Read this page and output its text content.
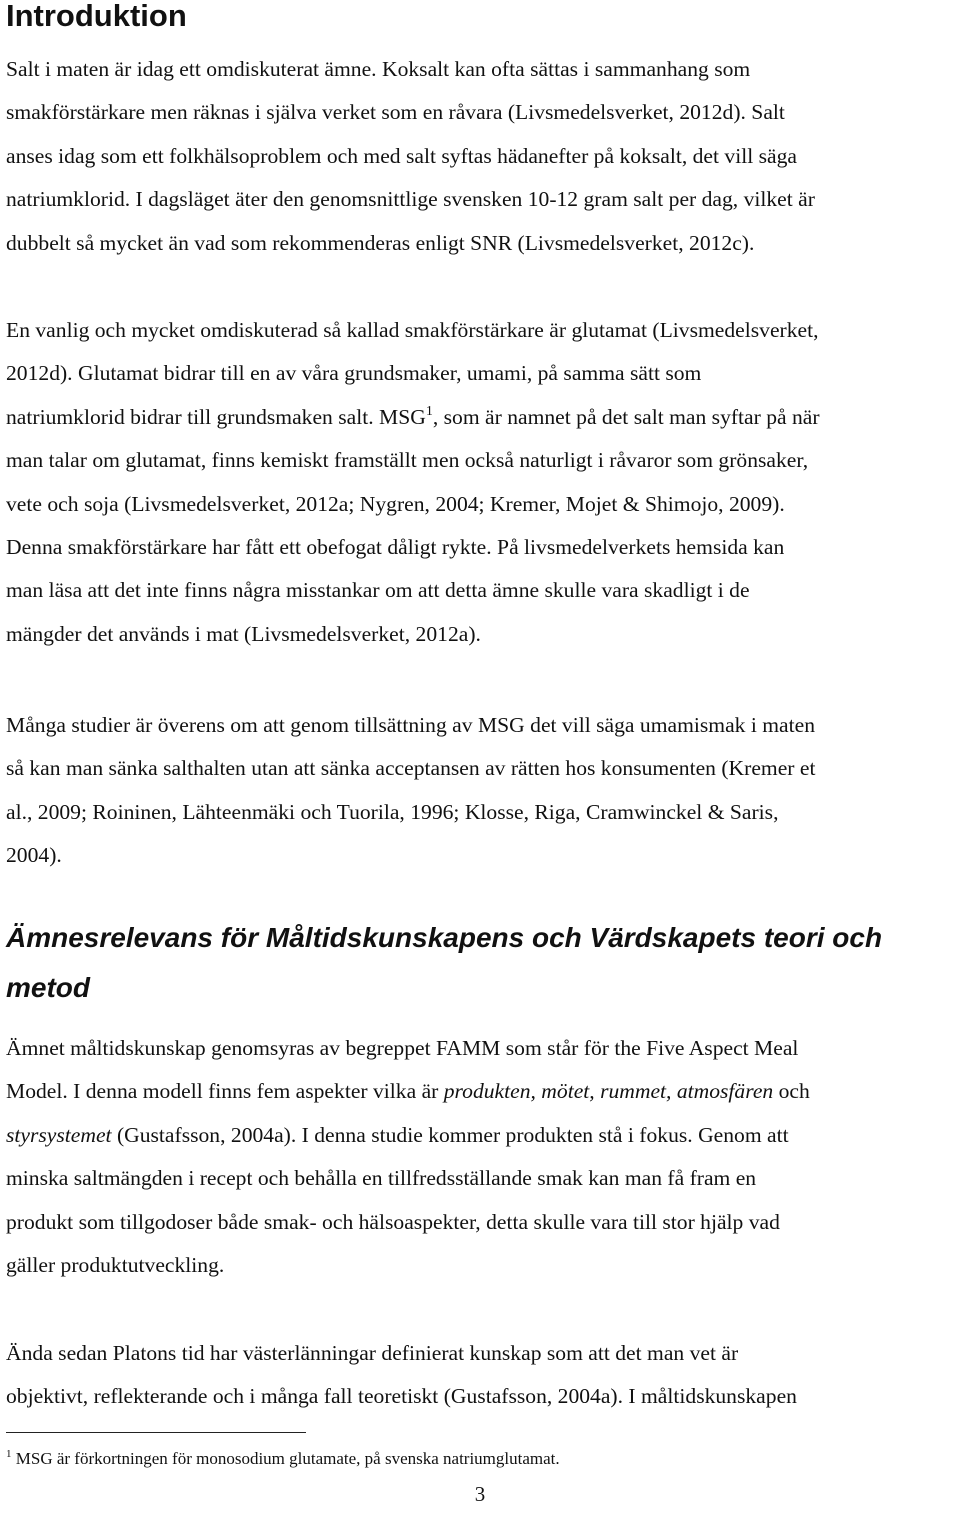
Introduktion

Salt i maten är idag ett omdiskuterat ämne. Koksalt kan ofta sättas i sammanhang som
smakförstärkare men räknas i själva verket som en råvara (Livsmedelsverket, 2012d). Salt
anses idag som ett folkhälsoproblem och med salt syftas hädanefter på koksalt, det vill säga
natriumklorid. I dagsläget äter den genomsnittlige svensken 10-12 gram salt per dag, vilket är
dubbelt så mycket än vad som rekommenderas enligt SNR (Livsmedelsverket, 2012c).

En vanlig och mycket omdiskuterad så kallad smakförstärkare är glutamat (Livsmedelsverket,
2012d). Glutamat bidrar till en av våra grundsmaker, umami, på samma sätt som
natriumklorid bidrar till grundsmaken salt. MSG$^1$, som är namnet på det salt man syftar på när
man talar om glutamat, finns kemiskt framställt men också naturligt i råvaror som grönsaker,
vete och soja (Livsmedelsverket, 2012a; Nygren, 2004; Kremer, Mojet & Shimojo, 2009).
Denna smakförstärkare har fått ett obefogat dåligt rykte. På livsmedelverkets hemsida kan
man läsa att det inte finns några misstankar om att detta ämne skulle vara skadligt i de
mängder det används i mat (Livsmedelsverket, 2012a).

Många studier är överens om att genom tillsättning av MSG det vill säga umamismak i maten
så kan man sänka salthalten utan att sänka acceptansen av rätten hos konsumenten (Kremer et
al., 2009; Roininen, Lähteenmäki och Tuorila, 1996; Klosse, Riga, Cramwinckel & Saris,
2004).

Ämnesrelevans för Måltidskunskapens och Värdskapets teori och
metod

Ämnet måltidskunskap genomsyras av begreppet FAMM som står för the Five Aspect Meal
Model. I denna modell finns fem aspekter vilka är produkten, mötet, rummet, atmosfären och
styrsystemet (Gustafsson, 2004a). I denna studie kommer produkten stå i fokus. Genom att
minska saltmängden i recept och behålla en tillfredsställande smak kan man få fram en
produkt som tillgodoser både smak- och hälsoaspekter, detta skulle vara till stor hjälp vad
gäller produktutveckling.

Ända sedan Platons tid har västerlänningar definierat kunskap som att det man vet är
objektivt, reflekterande och i många fall teoretiskt (Gustafsson, 2004a). I måltidskunskapen

$^1$ MSG är förkortningen för monosodium glutamate, på svenska natriumglutamat.
3
